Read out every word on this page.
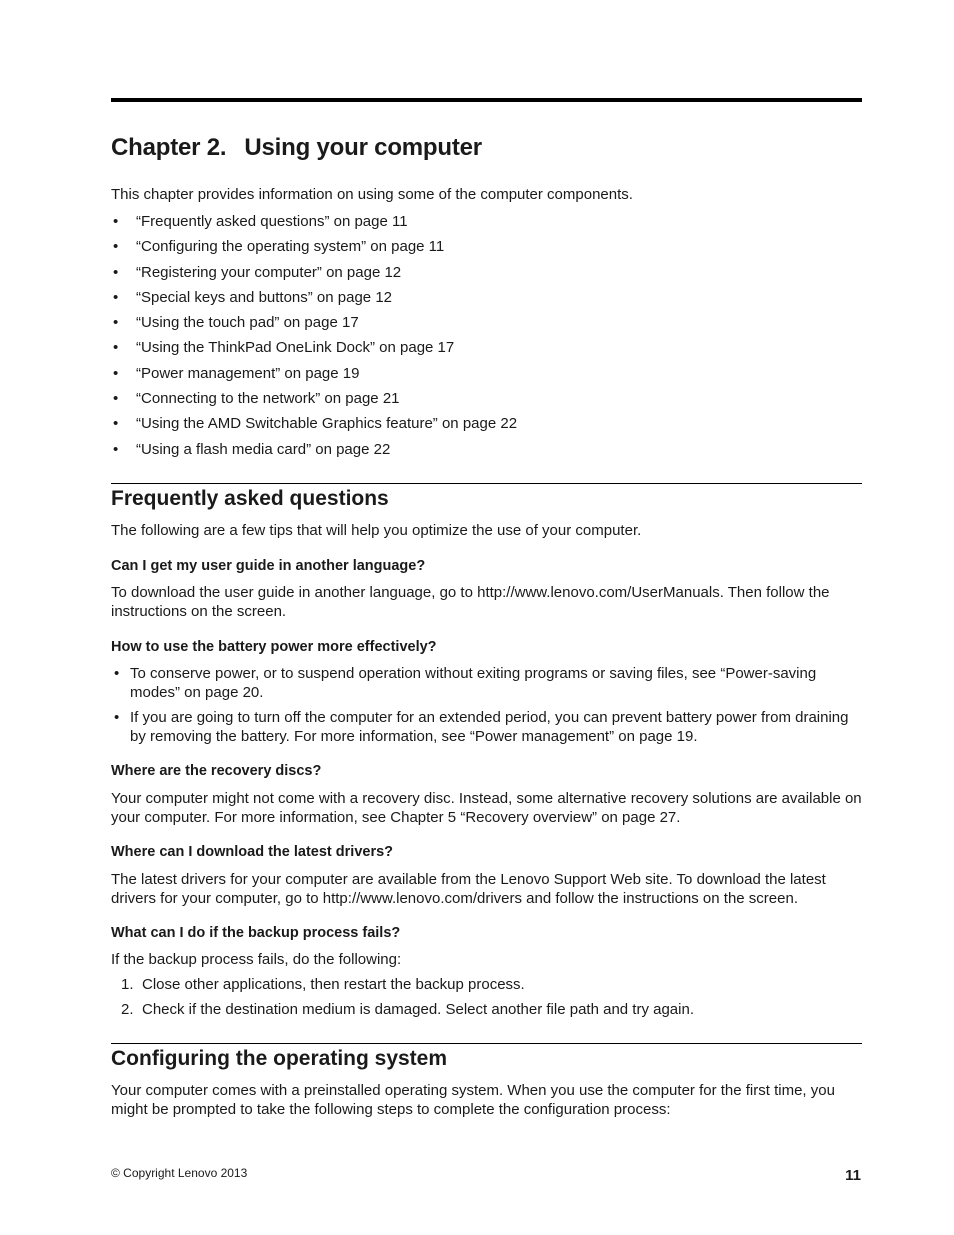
Chapter 2. Using your computer

This chapter provides information on using some of the computer components.

• “Frequently asked questions” on page 11
• “Configuring the operating system” on page 11
• “Registering your computer” on page 12
• “Special keys and buttons” on page 12
• “Using the touch pad” on page 17
• “Using the ThinkPad OneLink Dock” on page 17
• “Power management” on page 19
• “Connecting to the network” on page 21
• “Using the AMD Switchable Graphics feature” on page 22
• “Using a flash media card” on page 22
Frequently asked questions

The following are a few tips that will help you optimize the use of your computer.

Can I get my user guide in another language?

To download the user guide in another language, go to http://www.lenovo.com/UserManuals. Then follow the instructions on the screen.

How to use the battery power more effectively?
• To conserve power, or to suspend operation without exiting programs or saving files, see “Power-saving modes” on page 20.
• If you are going to turn off the computer for an extended period, you can prevent battery power from draining by removing the battery. For more information, see “Power management” on page 19.
Where are the recovery discs?

Your computer might not come with a recovery disc. Instead, some alternative recovery solutions are available on your computer. For more information, see Chapter 5 “Recovery overview” on page 27.

Where can I download the latest drivers?

The latest drivers for your computer are available from the Lenovo Support Web site. To download the latest drivers for your computer, go to http://www.lenovo.com/drivers and follow the instructions on the screen.

What can I do if the backup process fails?

If the backup process fails, do the following:

1. Close other applications, then restart the backup process.
2. Check if the destination medium is damaged. Select another file path and try again.
Configuring the operating system

Your computer comes with a preinstalled operating system. When you use the computer for the first time, you might be prompted to take the following steps to complete the configuration process:

© Copyright Lenovo 2013	11
